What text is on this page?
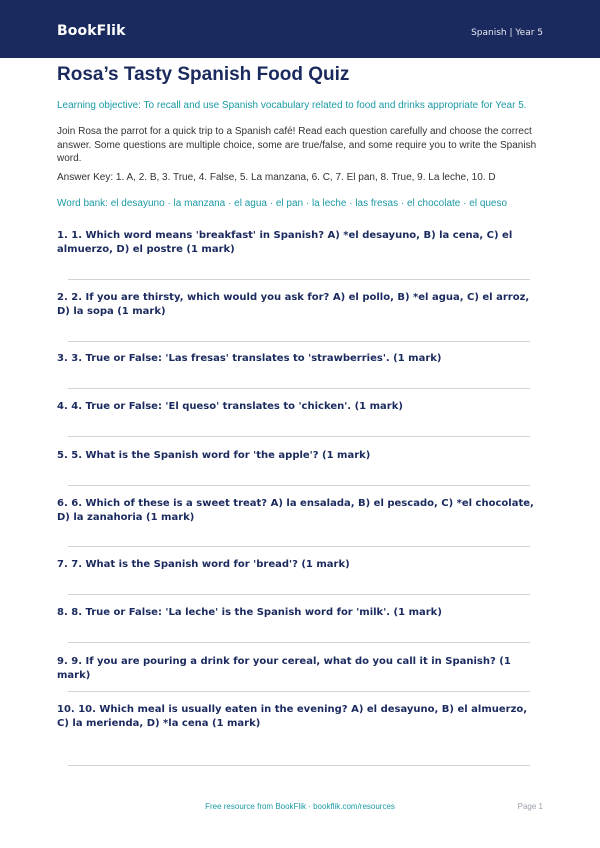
BookFlik	Spanish | Year 5
Rosa’s Tasty Spanish Food Quiz

Learning objective: To recall and use Spanish vocabulary related to food and drinks appropriate for Year 5.

Join Rosa the parrot for a quick trip to a Spanish café! Read each question carefully and choose the correct answer. Some questions are multiple choice, some are true/false, and some require you to write the Spanish word.

Answer Key: 1. A, 2. B, 3. True, 4. False, 5. La manzana, 6. C, 7. El pan, 8. True, 9. La leche, 10. D

Word bank: el desayuno · la manzana · el agua · el pan · la leche · las fresas · el chocolate · el queso

1. 1. Which word means 'breakfast' in Spanish? A) *el desayuno, B) la cena, C) el almuerzo, D) el postre (1 mark)

2. 2. If you are thirsty, which would you ask for? A) el pollo, B) *el agua, C) el arroz, D) la sopa (1 mark)

3. 3. True or False: 'Las fresas' translates to 'strawberries'. (1 mark)

4. 4. True or False: 'El queso' translates to 'chicken'. (1 mark)

5. 5. What is the Spanish word for 'the apple'? (1 mark)

6. 6. Which of these is a sweet treat? A) la ensalada, B) el pescado, C) *el chocolate, D) la zanahoria (1 mark)

7. 7. What is the Spanish word for 'bread'? (1 mark)

8. 8. True or False: 'La leche' is the Spanish word for 'milk'. (1 mark)

9. 9. If you are pouring a drink for your cereal, what do you call it in Spanish? (1 mark)

10. 10. Which meal is usually eaten in the evening? A) el desayuno, B) el almuerzo, C) la merienda, D) *la cena (1 mark)

Free resource from BookFlik · bookflik.com/resources	Page 1
